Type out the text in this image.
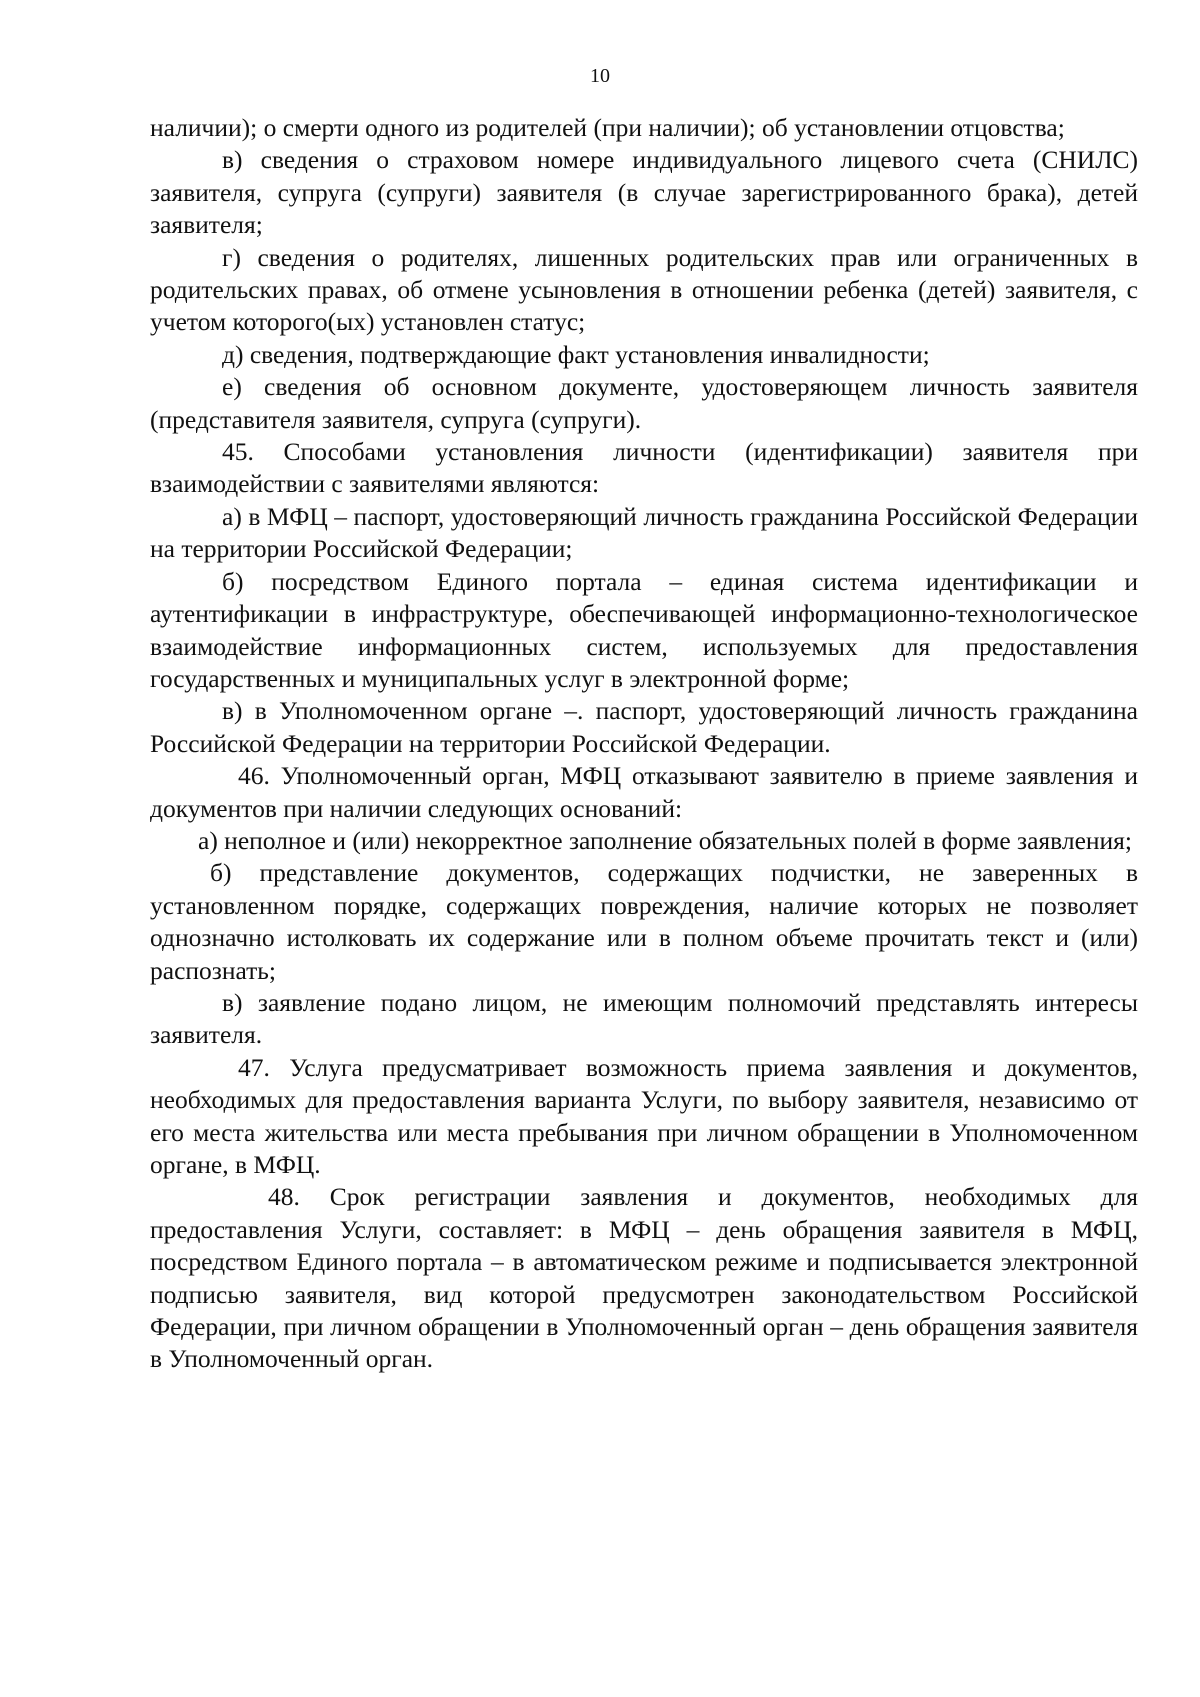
10

наличии); о смерти одного из родителей (при наличии); об установлении отцовства;

в) сведения о страховом номере индивидуального лицевого счета (СНИЛС) заявителя, супруга (супруги) заявителя (в случае зарегистрированного брака), детей заявителя;

г) сведения о родителях, лишенных родительских прав или ограниченных в родительских правах, об отмене усыновления в отношении ребенка (детей) заявителя, с учетом которого(ых) установлен статус;

д) сведения, подтверждающие факт установления инвалидности;

е) сведения об основном документе, удостоверяющем личность заявителя (представителя заявителя, супруга (супруги).

45. Способами установления личности (идентификации) заявителя при взаимодействии с заявителями являются:

а) в МФЦ – паспорт, удостоверяющий личность гражданина Российской Федерации на территории Российской Федерации;

б) посредством Единого портала – единая система идентификации и аутентификации в инфраструктуре, обеспечивающей информационно-технологическое взаимодействие информационных систем, используемых для предоставления государственных и муниципальных услуг в электронной форме;

в) в Уполномоченном органе –. паспорт, удостоверяющий личность гражданина Российской Федерации на территории Российской Федерации.

46. Уполномоченный орган, МФЦ отказывают заявителю в приеме заявления и документов при наличии следующих оснований:

а) неполное и (или) некорректное заполнение обязательных полей в форме заявления;

б) представление документов, содержащих подчистки, не заверенных в установленном порядке, содержащих повреждения, наличие которых не позволяет однозначно истолковать их содержание или в полном объеме прочитать текст и (или) распознать;

в) заявление подано лицом, не имеющим полномочий представлять интересы заявителя.

47. Услуга предусматривает возможность приема заявления и документов, необходимых для предоставления варианта Услуги, по выбору заявителя, независимо от его места жительства или места пребывания при личном обращении в Уполномоченном органе, в МФЦ.

48. Срок регистрации заявления и документов, необходимых для предоставления Услуги, составляет: в МФЦ – день обращения заявителя в МФЦ, посредством Единого портала – в автоматическом режиме и подписывается электронной подписью заявителя, вид которой предусмотрен законодательством Российской Федерации, при личном обращении в Уполномоченный орган – день обращения заявителя в Уполномоченный орган.
